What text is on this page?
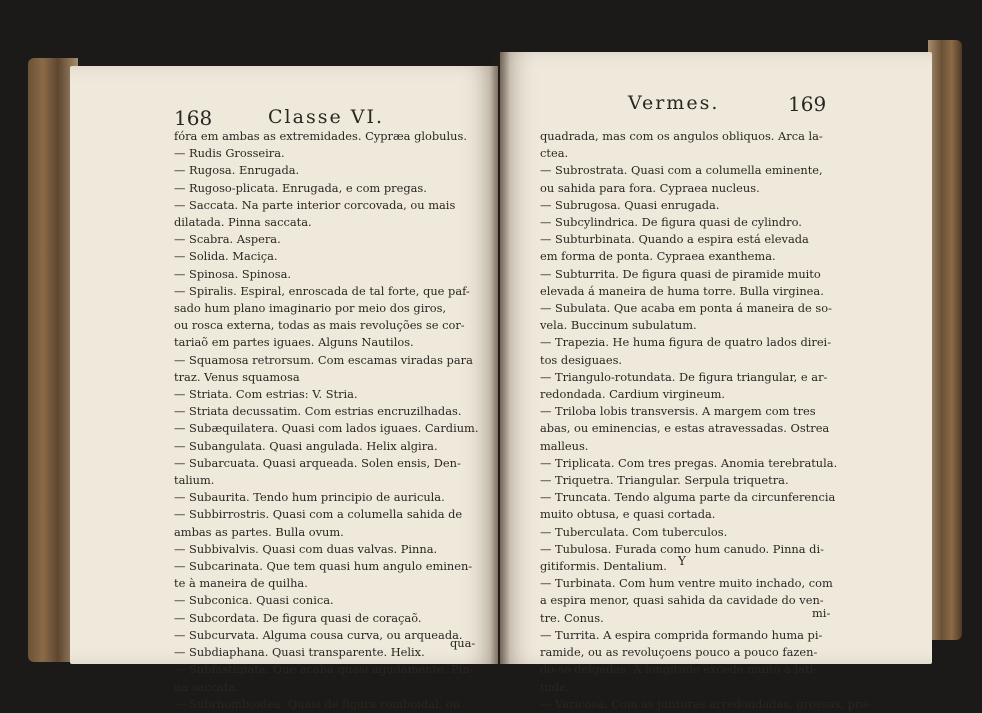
168	Classe VI.
fóra em ambas as extremidades. Cypræa globulus.
— Rudis Grosseira.
— Rugosa. Enrugada.
— Rugoso-plicata. Enrugada, e com pregas.
— Saccata. Na parte interior corcovada, ou mais
dilatada. Pinna saccata.
— Scabra. Aspera.
— Solida. Maciça.
— Spinosa. Spinosa.
— Spiralis. Espiral, enroscada de tal forte, que paf-
sado hum plano imaginario por meio dos giros,
ou rosca externa, todas as mais revoluções se cor-
tariaõ em partes iguaes. Alguns Nautilos.
— Squamosa retrorsum. Com escamas viradas para
traz. Venus squamosa
— Striata. Com estrias: V. Stria.
— Striata decussatim. Com estrias encruzilhadas.
— Subæquilatera. Quasi com lados iguaes. Cardium.
— Subangulata. Quasi angulada. Helix algira.
— Subarcuata. Quasi arqueada. Solen ensis, Den-
talium.
— Subaurita. Tendo hum principio de auricula.
— Subbirrostris. Quasi com a columella sahida de
ambas as partes. Bulla ovum.
— Subbivalvis. Quasi com duas valvas. Pinna.
— Subcarinata. Que tem quasi hum angulo eminen-
te à maneira de quilha.
— Subconica. Quasi conica.
— Subcordata. De figura quasi de coraçaõ.
— Subcurvata. Alguma cousa curva, ou arqueada.
— Subdiaphana. Quasi transparente. Helix.
— Subfastigiata. Que acaba quasi agudamente. Pin-
na saccata.
— Subrhomboidea. Quasi de figura romboidal, ou
qua-
Vermes.	169
quadrada, mas com os angulos obliquos. Arca la-
ctea.
— Subrostrata. Quasi com a columella eminente,
ou sahida para fora. Cypraea nucleus.
— Subrugosa. Quasi enrugada.
— Subcylindrica. De figura quasi de cylindro.
— Subturbinata. Quando a espira está elevada
em forma de ponta. Cypraea exanthema.
— Subturrita. De figura quasi de piramide muito
elevada á maneira de huma torre. Bulla virginea.
— Subulata. Que acaba em ponta á maneira de so-
vela. Buccinum subulatum.
— Trapezia. He huma figura de quatro lados direi-
tos desiguaes.
— Triangulo-rotundata. De figura triangular, e ar-
redondada. Cardium virgineum.
— Triloba lobis transversis. A margem com tres
abas, ou eminencias, e estas atravessadas. Ostrea
malleus.
— Triplicata. Com tres pregas. Anomia terebratula.
— Triquetra. Triangular. Serpula triquetra.
— Truncata. Tendo alguma parte da circunferencia
muito obtusa, e quasi cortada.
— Tuberculata. Com tuberculos.
— Tubulosa. Furada como hum canudo. Pinna di-
gitiformis. Dentalium.
— Turbinata. Com hum ventre muito inchado, com
a espira menor, quasi sahida da cavidade do ven-
tre. Conus.
— Turrita. A espira comprida formando huma pi-
ramide, ou as revoluçoens pouco a pouco fazen-
do-se delgadas. A longitude excede muito a lati-
tude.
— Varicosa. Com as junturas arredondadas, grossas, pro-
Y
mi-
